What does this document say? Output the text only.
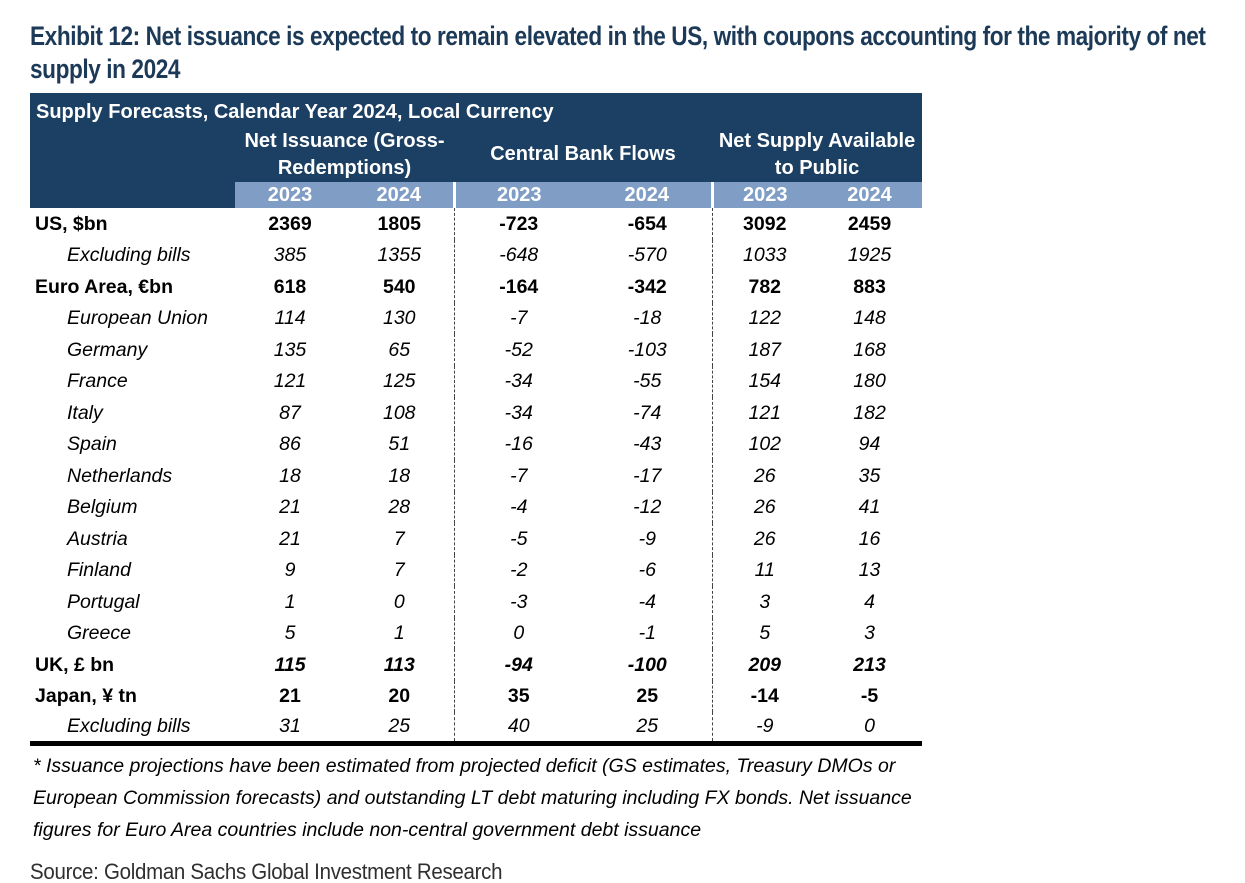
Exhibit 12: Net issuance is expected to remain elevated in the US, with coupons accounting for the majority of net supply in 2024
Supply Forecasts, Calendar Year 2024, Local Currency						
	Net Issuance (Gross-Redemptions)		Central Bank Flows		Net Supply Available to Public	
	2023	2024	2023	2024	2023	2024
US, $bn	2369	1805	-723	-654	3092	2459
Excluding bills	385	1355	-648	-570	1033	1925
Euro Area, €bn	618	540	-164	-342	782	883
European Union	114	130	-7	-18	122	148
Germany	135	65	-52	-103	187	168
France	121	125	-34	-55	154	180
Italy	87	108	-34	-74	121	182
Spain	86	51	-16	-43	102	94
Netherlands	18	18	-7	-17	26	35
Belgium	21	28	-4	-12	26	41
Austria	21	7	-5	-9	26	16
Finland	9	7	-2	-6	11	13
Portugal	1	0	-3	-4	3	4
Greece	5	1	0	-1	5	3
UK, £ bn	115	113	-94	-100	209	213
Japan, ¥ tn	21	20	35	25	-14	-5
Excluding bills	31	25	40	25	-9	0
* Issuance projections have been estimated from projected deficit (GS estimates, Treasury DMOs or European Commission forecasts) and outstanding LT debt maturing including FX bonds. Net issuance figures for Euro Area countries include non-central government debt issuance
Source: Goldman Sachs Global Investment Research
